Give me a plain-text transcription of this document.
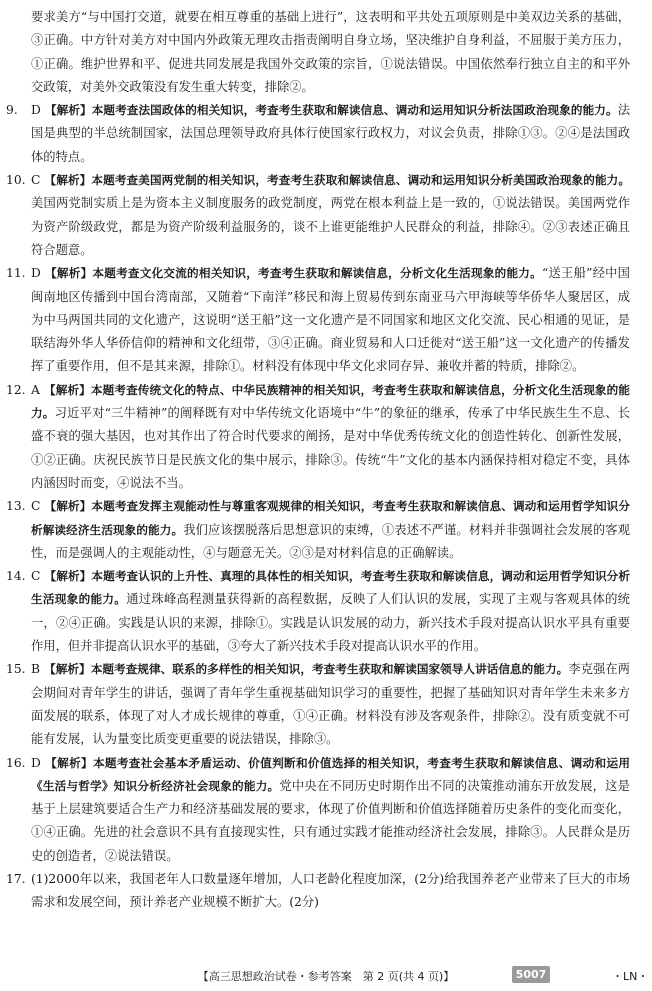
要求美方“与中国打交道，就要在相互尊重的基础上进行”，这表明和平共处五项原则是中美双边关系的基础，③正确。中方针对美方对中国内外政策无理攻击指责阐明自身立场，坚决维护自身利益，不屈服于美方压力，①正确。维护世界和平、促进共同发展是我国外交政策的宗旨，①说法错误。中国依然奉行独立自主的和平外交政策，对美外交政策没有发生重大转变，排除②。

9. D 【解析】本题考查法国政体的相关知识，考查考生获取和解读信息、调动和运用知识分析法国政治现象的能力。法国是典型的半总统制国家，法国总理领导政府具体行使国家行政权力，对议会负责，排除①③。②④是法国政体的特点。

10. C 【解析】本题考查美国两党制的相关知识，考查考生获取和解读信息、调动和运用知识分析美国政治现象的能力。美国两党制实质上是为资本主义制度服务的政党制度，两党在根本利益上是一致的，①说法错误。美国两党作为资产阶级政党，都是为资产阶级利益服务的，谈不上谁更能维护人民群众的利益，排除④。②③表述正确且符合题意。

11. D 【解析】本题考查文化交流的相关知识，考查考生获取和解读信息，分析文化生活现象的能力。“送王船”经中国闽南地区传播到中国台湾南部，又随着“下南洋”移民和海上贸易传到东南亚马六甲海峡等华侨华人聚居区，成为中马两国共同的文化遗产，这说明“送王船”这一文化遗产是不同国家和地区文化交流、民心相通的见证，是联结海外华人华侨信仰的精神和文化纽带，③④正确。商业贸易和人口迁徙对“送王船”这一文化遗产的传播发挥了重要作用，但不是其来源，排除①。材料没有体现中华文化求同存异、兼收并蓄的特质，排除②。

12. A 【解析】本题考查传统文化的特点、中华民族精神的相关知识，考查考生获取和解读信息，分析文化生活现象的能力。习近平对“三牛精神”的阐释既有对中华传统文化语境中“牛”的象征的继承，传承了中华民族生生不息、长盛不衰的强大基因，也对其作出了符合时代要求的阐扬，是对中华优秀传统文化的创造性转化、创新性发展，①②正确。庆祝民族节日是民族文化的集中展示，排除③。传统“牛”文化的基本内涵保持相对稳定不变，具体内涵因时而变，④说法不当。

13. C 【解析】本题考查发挥主观能动性与尊重客观规律的相关知识，考查考生获取和解读信息、调动和运用哲学知识分析解读经济生活现象的能力。我们应该摆脱落后思想意识的束缚，①表述不严谨。材料并非强调社会发展的客观性，而是强调人的主观能动性，④与题意无关。②③是对材料信息的正确解读。

14. C 【解析】本题考查认识的上升性、真理的具体性的相关知识，考查考生获取和解读信息，调动和运用哲学知识分析生活现象的能力。通过珠峰高程测量获得新的高程数据，反映了人们认识的发展，实现了主观与客观具体的统一，②④正确。实践是认识的来源，排除①。实践是认识发展的动力，新兴技术手段对提高认识水平具有重要作用，但并非提高认识水平的基础，③夸大了新兴技术手段对提高认识水平的作用。

15. B 【解析】本题考查规律、联系的多样性的相关知识，考查考生获取和解读国家领导人讲话信息的能力。李克强在两会期间对青年学生的讲话，强调了青年学生重视基础知识学习的重要性，把握了基础知识对青年学生未来多方面发展的联系，体现了对人才成长规律的尊重，①④正确。材料没有涉及客观条件，排除②。没有质变就不可能有发展，认为量变比质变更重要的说法错误，排除③。

16. D 【解析】本题考查社会基本矛盾运动、价值判断和价值选择的相关知识，考查考生获取和解读信息、调动和运用《生活与哲学》知识分析经济社会现象的能力。党中央在不同历史时期作出不同的决策推动浦东开放发展，这是基于上层建筑要适合生产力和经济基础发展的要求，体现了价值判断和价值选择随着历史条件的变化而变化，①④正确。先进的社会意识不具有直接现实性，只有通过实践才能推动经济社会发展，排除③。人民群众是历史的创造者，②说法错误。

17. (1)2000年以来，我国老年人口数量逐年增加，人口老龄化程度加深，(2分)给我国养老产业带来了巨大的市场需求和发展空间，预计养老产业规模不断扩大。(2分)

【高三思想政治试卷・参考答案　第 2 页(共 4 页)】	5007	・LN・
